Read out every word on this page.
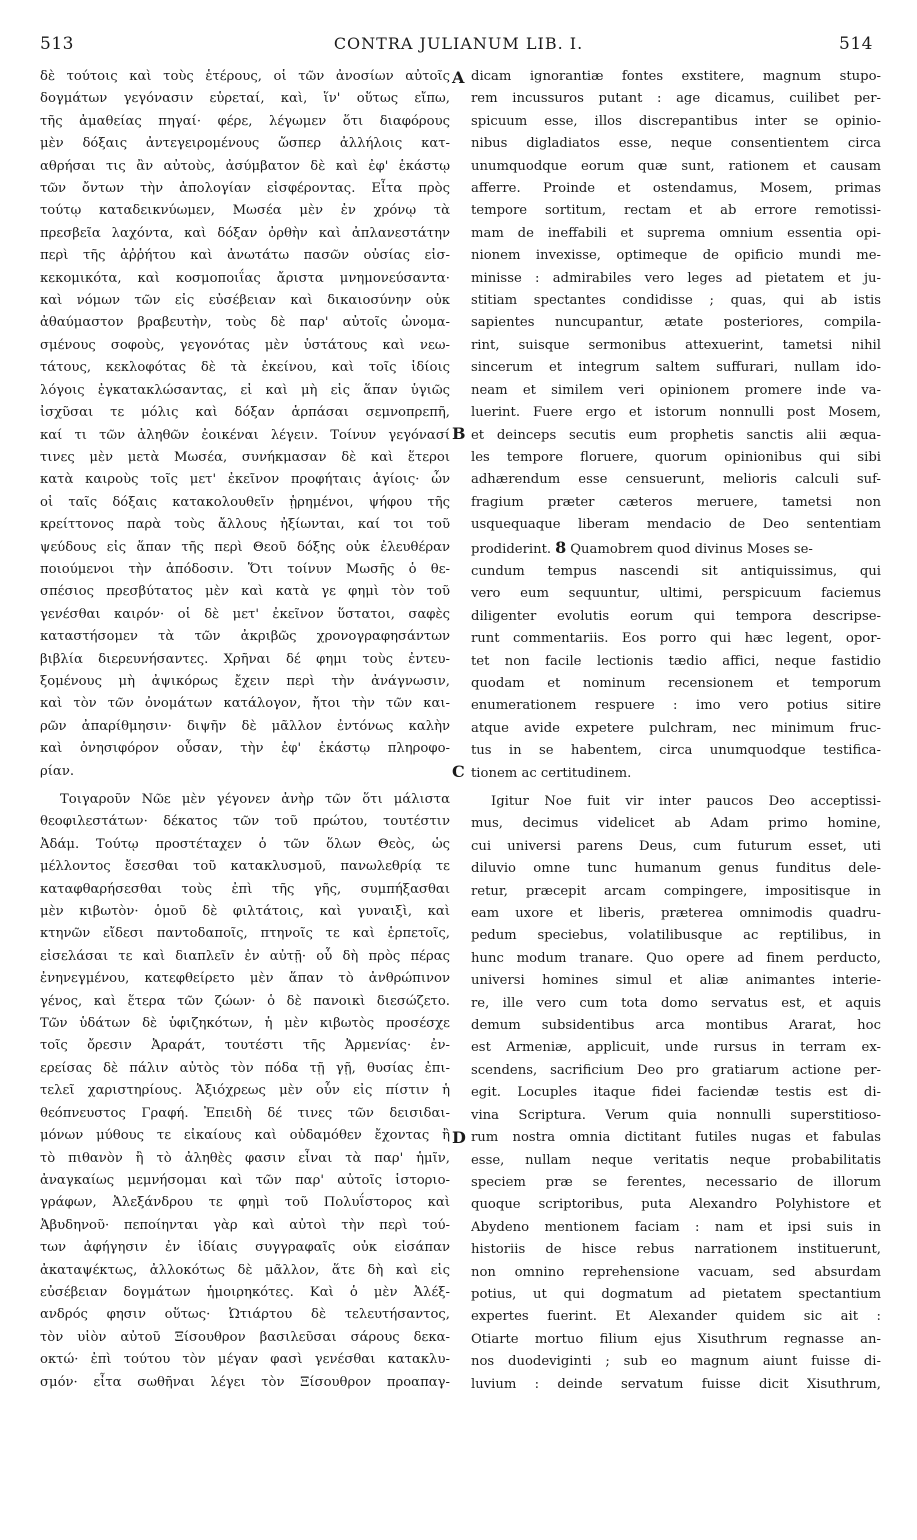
513	CONTRA JULIANUM LIB. I.	514
δὲ τούτοις καὶ τοὺς ἑτέρους, οἱ τῶν ἀνοσίων αὐτοῖς
δογμάτων γεγόνασιν εὑρεταί, καὶ, ἵν' οὕτως εἴπω,
τῆς ἀμαθείας πηγαί· φέρε, λέγωμεν ὅτι διαφόρους
μὲν δόξαις ἀντεγειρομένους ὥσπερ ἀλλήλοις κατ-
αθρήσαι τις ἂν αὐτοὺς, ἀσύμβατον δὲ καὶ ἐφ' ἑκάστῳ
τῶν ὄντων τὴν ἀπολογίαν εἰσφέροντας. Εἶτα πρὸς
τούτῳ καταδεικνύωμεν, Μωσέα μὲν ἐν χρόνῳ τὰ
πρεσβεῖα λαχόντα, καὶ δόξαν ὀρθὴν καὶ ἀπλανεστάτην
περὶ τῆς ἀῤῥήτου καὶ ἀνωτάτω πασῶν οὐσίας εἰσ-
κεκομικότα, καὶ κοσμοποιΐας ἄριστα μνημονεύσαντα·
καὶ νόμων τῶν εἰς εὐσέβειαν καὶ δικαιοσύνην οὐκ
ἀθαύμαστον βραβευτὴν, τοὺς δὲ παρ' αὐτοῖς ὠνομα-
σμένους σοφοὺς, γεγονότας μὲν ὑστάτους καὶ νεω-
τάτους, κεκλοφότας δὲ τὰ ἐκείνου, καὶ τοῖς ἰδίοις
λόγοις ἐγκατακλώσαντας, εἰ καὶ μὴ εἰς ἅπαν ὑγιῶς
ἰσχῦσαι τε μόλις καὶ δόξαν ἁρπάσαι σεμνοπρεπῆ,
καί τι τῶν ἀληθῶν ἐοικέναι λέγειν. Τοίνυν γεγόνασί
τινες μὲν μετὰ Μωσέα, συνήκμασαν δὲ καὶ ἕτεροι
κατὰ καιροὺς τοῖς μετ' ἐκεῖνον προφήταις ἁγίοις· ὧν
οἱ ταῖς δόξαις κατακολουθεῖν ᾑρημένοι, ψήφου τῆς
κρείττονος παρὰ τοὺς ἄλλους ἠξίωνται, καί τοι τοῦ
ψεύδους εἰς ἅπαν τῆς περὶ Θεοῦ δόξης οὐκ ἐλευθέραν
ποιούμενοι τὴν ἀπόδοσιν. Ὅτι τοίνυν Μωσῆς ὁ θε-
σπέσιος πρεσβύτατος μὲν καὶ κατὰ γε φημὶ τὸν τοῦ
γενέσθαι καιρόν· οἱ δὲ μετ' ἐκεῖνον ὕστατοι, σαφὲς
καταστήσομεν τὰ τῶν ἀκριβῶς χρονογραφησάντων
βιβλία διερευνήσαντες. Χρῆναι δέ φημι τοὺς ἐντευ-
ξομένους μὴ ἀψικόρως ἔχειν περὶ τὴν ἀνάγνωσιν,
καὶ τὸν τῶν ὀνομάτων κατάλογον, ἤτοι τὴν τῶν και-
ρῶν ἀπαρίθμησιν· διψῆν δὲ μᾶλλον ἐντόνως καλὴν
καὶ ὀνησιφόρον οὖσαν, τὴν ἐφ' ἑκάστῳ πληροφο-
ρίαν.
Τοιγαροῦν Νῶε μὲν γέγονεν ἀνὴρ τῶν ὅτι μάλιστα
θεοφιλεστάτων· δέκατος τῶν τοῦ πρώτου, τουτέστιν
Ἀδάμ. Τούτῳ προστέταχεν ὁ τῶν ὅλων Θεὸς, ὡς
μέλλοντος ἔσεσθαι τοῦ κατακλυσμοῦ, πανωλεθρίᾳ τε
καταφθαρήσεσθαι τοὺς ἐπὶ τῆς γῆς, συμπήξασθαι
μὲν κιβωτὸν· ὁμοῦ δὲ φιλτάτοις, καὶ γυναιξὶ, καὶ
κτηνῶν εἴδεσι παντοδαποῖς, πτηνοῖς τε καὶ ἑρπετοῖς,
εἰσελάσαι τε καὶ διαπλεῖν ἐν αὐτῇ· οὗ δὴ πρὸς πέρας
ἐνηνεγμένου, κατεφθείρετο μὲν ἅπαν τὸ ἀνθρώπινον
γένος, καὶ ἕτερα τῶν ζώων· ὁ δὲ πανοικὶ διεσώζετο.
Τῶν ὑδάτων δὲ ὑφιζηκότων, ἡ μὲν κιβωτὸς προσέσχε
τοῖς ὄρεσιν Ἀραράτ, τουτέστι τῆς Ἀρμενίας· ἐν-
ερείσας δὲ πάλιν αὐτὸς τὸν πόδα τῇ γῇ, θυσίας ἐπι-
τελεῖ χαριστηρίους. Ἀξιόχρεως μὲν οὖν εἰς πίστιν ἡ
θεόπνευστος Γραφή. Ἐπειδὴ δέ τινες τῶν δεισιδαι-
μόνων μύθους τε εἰκαίους καὶ οὐδαμόθεν ἔχοντας ἢ
τὸ πιθανὸν ἢ τὸ ἀληθὲς φασιν εἶναι τὰ παρ' ἡμῖν,
ἀναγκαίως μεμνήσομαι καὶ τῶν παρ' αὐτοῖς ἱστοριο-
γράφων, Ἀλεξάνδρου τε φημὶ τοῦ Πολυΐστορος καὶ
Ἀβυδηνοῦ· πεποίηνται γὰρ καὶ αὐτοὶ τὴν περὶ τού-
των ἀφήγησιν ἐν ἰδίαις συγγραφαῖς οὐκ εἰσάπαν
ἀκαταψέκτως, ἀλλοκότως δὲ μᾶλλον, ἅτε δὴ καὶ εἰς
εὐσέβειαν δογμάτων ἡμοιρηκότες. Καὶ ὁ μὲν Ἀλέξ-
ανδρός φησιν οὕτως· Ὠτιάρτου δὲ τελευτήσαντος,
τὸν υἱὸν αὐτοῦ Ξίσουθρον βασιλεῦσαι σάρους δεκα-
οκτώ· ἐπὶ τούτου τὸν μέγαν φασὶ γενέσθαι κατακλυ-
σμόν· εἶτα σωθῆναι λέγει τὸν Ξίσουθρον προαπαγ-
dicam ignorantiæ fontes exstitere, magnum stupo-
rem incussuros putant : age dicamus, cuilibet per-
spicuum esse, illos discrepantibus inter se opinio-
nibus digladiatos esse, neque consentientem circa
unumquodque eorum quæ sunt, rationem et causam
afferre. Proinde et ostendamus, Mosem, primas
tempore sortitum, rectam et ab errore remotissi-
mam de ineffabili et suprema omnium essentia opi-
nionem invexisse, optimeque de opificio mundi me-
minisse : admirabiles vero leges ad pietatem et ju-
stitiam spectantes condidisse ; quas, qui ab istis
sapientes nuncupantur, ætate posteriores, compila-
rint, suisque sermonibus attexuerint, tametsi nihil
sincerum et integrum saltem suffurari, nullam ido-
neam et similem veri opinionem promere inde va-
luerint. Fuere ergo et istorum nonnulli post Mosem,
et deinceps secutis eum prophetis sanctis alii æqua-
les tempore floruere, quorum opinionibus qui sibi
adhærendum esse censuerunt, melioris calculi suf-
fragium præter cæteros meruere, tametsi non
usquequaque liberam mendacio de Deo sententiam
prodiderint. 8 Quamobrem quod divinus Moses se-
cundum tempus nascendi sit antiquissimus, qui
vero eum sequuntur, ultimi, perspicuum faciemus
diligenter evolutis eorum qui tempora descripse-
runt commentariis. Eos porro qui hæc legent, opor-
tet non facile lectionis tædio affici, neque fastidio
quodam et nominum recensionem et temporum
enumerationem respuere : imo vero potius sitire
atque avide expetere pulchram, nec minimum fruc-
tus in se habentem, circa unumquodque testifica-
tionem ac certitudinem.
Igitur Noe fuit vir inter paucos Deo acceptissi-
mus, decimus videlicet ab Adam primo homine,
cui universi parens Deus, cum futurum esset, uti
diluvio omne tunc humanum genus funditus dele-
retur, præcepit arcam compingere, impositisque in
eam uxore et liberis, præterea omnimodis quadru-
pedum speciebus, volatilibusque ac reptilibus, in
hunc modum tranare. Quo opere ad finem perducto,
universi homines simul et aliæ animantes interie-
re, ille vero cum tota domo servatus est, et aquis
demum subsidentibus arca montibus Ararat, hoc
est Armeniæ, applicuit, unde rursus in terram ex-
scendens, sacrificium Deo pro gratiarum actione per-
egit. Locuples itaque fidei faciendæ testis est di-
vina Scriptura. Verum quia nonnulli superstitioso-
rum nostra omnia dictitant futiles nugas et fabulas
esse, nullam neque veritatis neque probabilitatis
speciem præ se ferentes, necessario de illorum
quoque scriptoribus, puta Alexandro Polyhistore et
Abydeno mentionem faciam : nam et ipsi suis in
historiis de hisce rebus narrationem instituerunt,
non omnino reprehensione vacuam, sed absurdam
potius, ut qui dogmatum ad pietatem spectantium
expertes fuerint. Et Alexander quidem sic ait :
Otiarte mortuo filium ejus Xisuthrum regnasse an-
nos duodeviginti ; sub eo magnum aiunt fuisse di-
luvium : deinde servatum fuisse dicit Xisuthrum,
A
B
C
D
